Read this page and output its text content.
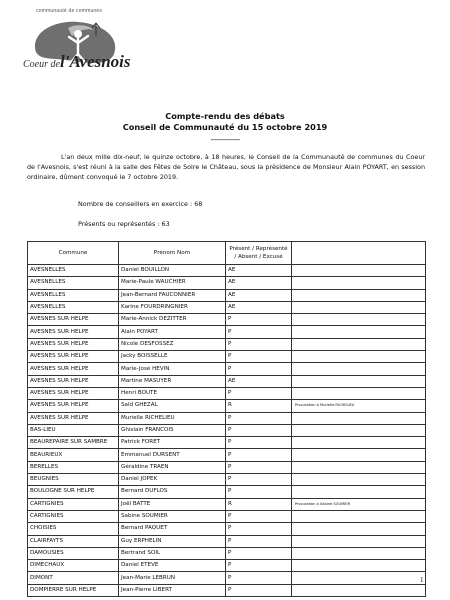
communauté de communes
Coeur de l'Avesnois
Compte-rendu des débats
Conseil de Communauté du 15 octobre 2019
----------------

L'an deux mille dix-neuf, le quinze octobre, à 18 heures, le Conseil de la Communauté de communes du Coeur de l'Avesnois, s'est réuni à la salle des Fêtes de Solre le Château, sous la présidence de Monsieur Alain POYART, en session ordinaire, dûment convoqué le 7 octobre 2019.

Nombre de conseillers en exercice : 68
Présents ou représentés : 63
Commune	Prénom Nom	Présent / Représenté / Absent / Excusé	
AVESNELLES	Daniel BOUILLON	AE	
AVESNELLES	Marie-Paule WAUCHIER	AE	
AVESNELLES	Jean-Bernard FAUCONNIER	AE	
AVESNELLES	Karine FOURDRINGNIER	AE	
AVESNES SUR HELPE	Marie-Annick DEZITTER	P	
AVESNES SUR HELPE	Alain POYART	P	
AVESNES SUR HELPE	Nicole DESFOSSEZ	P	
AVESNES SUR HELPE	Jacky BOISSELLE	P	
AVESNES SUR HELPE	Marie-José HEVIN	P	
AVESNES SUR HELPE	Martine MASUYER	AE	
AVESNES SUR HELPE	Henri BOUTE	P	
AVESNES SUR HELPE	Saïd GHEZAL	R	Procuration à Murielle RICHELIEU
AVESNES SUR HELPE	Murielle RICHELIEU	P	
BAS-LIEU	Ghislain FRANCOIS	P	
BEAUREPAIRE SUR SAMBRE	Patrick FORET	P	
BEAURIEUX	Emmanuel DURSENT	P	
BERELLES	Géraldine TRAEN	P	
BEUGNIES	Daniel JOPEK	P	
BOULOGNE SUR HELPE	Bernard DUFLOS	P	
CARTIGNIES	Joël BATTE	R	Procuration à Sabine SOUMIER
CARTIGNIES	Sabine SOUMIER	P	
CHOISIES	Bernard PAQUET	P	
CLAIRFAYTS	Guy ERPHELIN	P	
DAMOUSIES	Bertrand SOIL	P	
DIMECHAUX	Daniel ETEVE	P	
DIMONT	Jean-Marie LEBRUN	P	
DOMPIERRE SUR HELPE	Jean-Pierre LIBERT	P	
1
